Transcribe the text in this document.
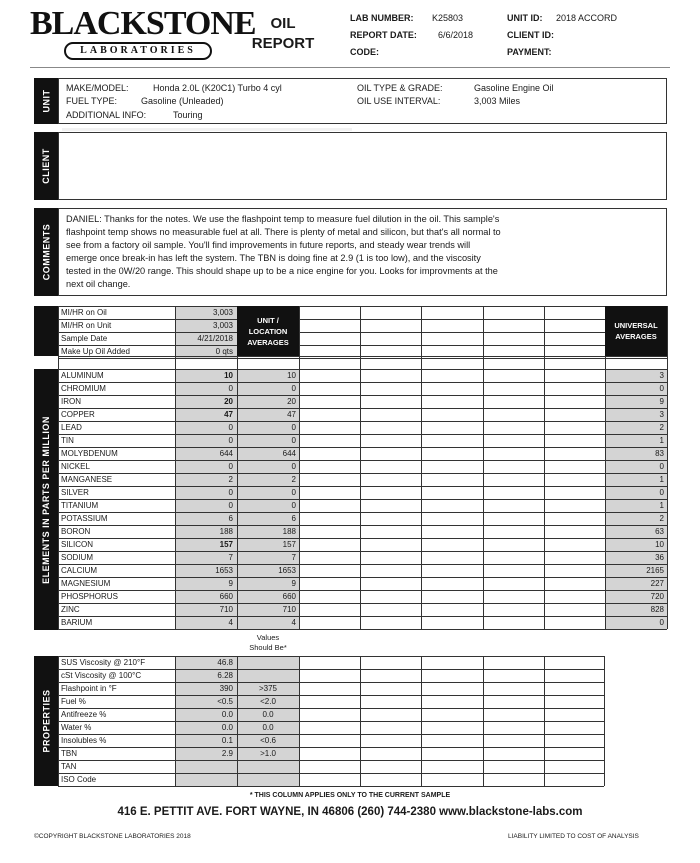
BLACKSTONE
LABORATORIES
OIL
REPORT
LAB NUMBER: K25803
REPORT DATE: 6/6/2018
CODE:
UNIT ID: 2018 ACCORD
CLIENT ID:
PAYMENT:
UNIT
MAKE/MODEL:	Honda 2.0L (K20C1) Turbo 4 cyl
FUEL TYPE:	Gasoline (Unleaded)
ADDITIONAL INFO:	Touring
OIL TYPE & GRADE:	Gasoline Engine Oil
OIL USE INTERVAL:	3,003 Miles
CLIENT
COMMENTS
DANIEL: Thanks for the notes. We use the flashpoint temp to measure fuel dilution in the oil. This sample's
flashpoint temp shows no measurable fuel at all. There is plenty of metal and silicon, but that's all normal to
see from a factory oil sample. You'll find improvements in future reports, and steady wear trends will
emerge once break-in has left the system. The TBN is doing fine at 2.9 (1 is too low), and the viscosity
tested in the 0W/20 range. This should shape up to be a nice engine for you. Looks for improvments at the
next oil change.
UNIT /
LOCATION
AVERAGES
UNIVERSAL
AVERAGES
ELEMENTS IN PARTS PER MILLION
PROPERTIES
MI/HR on Oil	3,003
MI/HR on Unit	3,003
Sample Date	4/21/2018
Make Up Oil Added	0 qts
ALUMINUM	10	10	3
CHROMIUM	0	0	0
IRON	20	20	9
COPPER	47	47	3
LEAD	0	0	2
TIN	0	0	1
MOLYBDENUM	644	644	83
NICKEL	0	0	0
MANGANESE	2	2	1
SILVER	0	0	0
TITANIUM	0	0	1
POTASSIUM	6	6	2
BORON	188	188	63
SILICON	157	157	10
SODIUM	7	7	36
CALCIUM	1653	1653	2165
MAGNESIUM	9	9	227
PHOSPHORUS	660	660	720
ZINC	710	710	828
BARIUM	4	4	0
Values
Should Be*
SUS Viscosity @ 210°F	46.8
cSt Viscosity @ 100°C	6.28
Flashpoint in °F	390	>375
Fuel %	<0.5	<2.0
Antifreeze %	0.0	0.0
Water %	0.0	0.0
Insolubles %	0.1	<0.6
TBN	2.9	>1.0
TAN
ISO Code
* THIS COLUMN APPLIES ONLY TO THE CURRENT SAMPLE
416 E. PETTIT AVE. FORT WAYNE, IN 46806 (260) 744-2380 www.blackstone-labs.com
©COPYRIGHT BLACKSTONE LABORATORIES 2018	LIABILITY LIMITED TO COST OF ANALYSIS
